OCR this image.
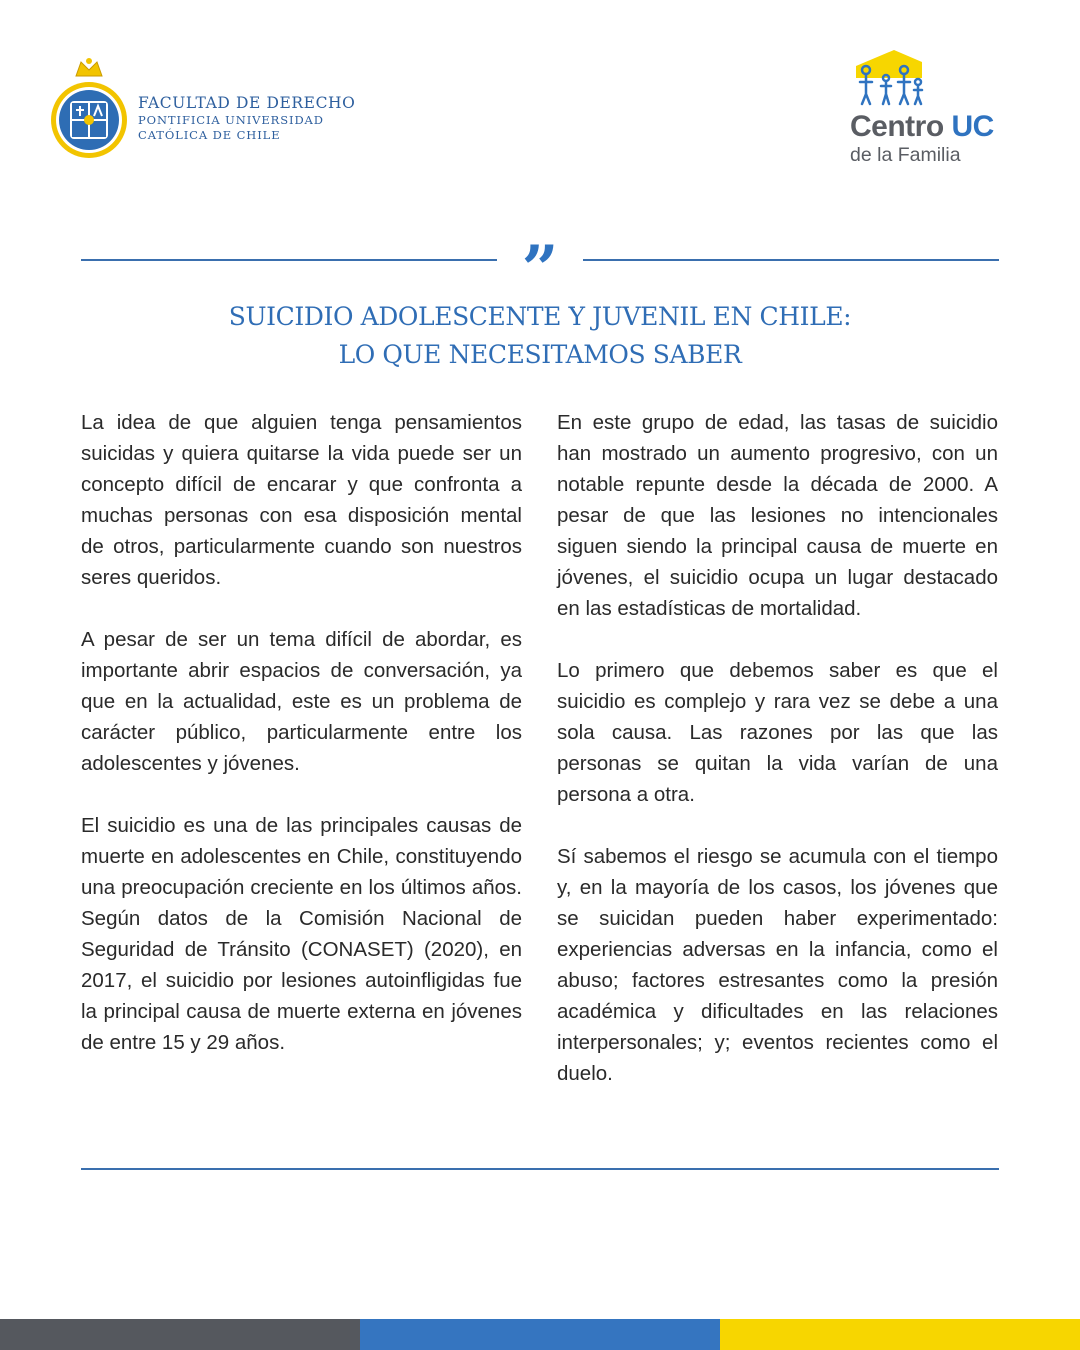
FACULTAD DE DERECHO
PONTIFICIA UNIVERSIDAD
CATÓLICA DE CHILE	Centro UC
de la Familia
”
SUICIDIO ADOLESCENTE Y JUVENIL EN CHILE:
LO QUE NECESITAMOS SABER

La idea de que alguien tenga pensamientos suicidas y quiera quitarse la vida puede ser un concepto difícil de encarar y que confronta a muchas personas con esa disposición mental de otros, particularmente cuando son nuestros seres queridos.

A pesar de ser un tema difícil de abordar, es importante abrir espacios de conversación, ya que en la actualidad, este es un problema de carácter público, particularmente entre los adolescentes y jóvenes.

El suicidio es una de las principales causas de muerte en adolescentes en Chile, constituyendo una preocupación creciente en los últimos años. Según datos de la Comisión Nacional de Seguridad de Tránsito (CONASET) (2020), en 2017, el suicidio por lesiones autoinfligidas fue la principal causa de muerte externa en jóvenes de entre 15 y 29 años.

En este grupo de edad, las tasas de suicidio han mostrado un aumento progresivo, con un notable repunte desde la década de 2000. A pesar de que las lesiones no intencionales siguen siendo la principal causa de muerte en jóvenes, el suicidio ocupa un lugar destacado en las estadísticas de mortalidad.

Lo primero que debemos saber es que el suicidio es complejo y rara vez se debe a una sola causa. Las razones por las que las personas se quitan la vida varían de una persona a otra.

Sí sabemos el riesgo se acumula con el tiempo y, en la mayoría de los casos, los jóvenes que se suicidan pueden haber experimentado: experiencias adversas en la infancia, como el abuso; factores estresantes como la presión académica y dificultades en las relaciones interpersonales; y; eventos recientes como el duelo.
